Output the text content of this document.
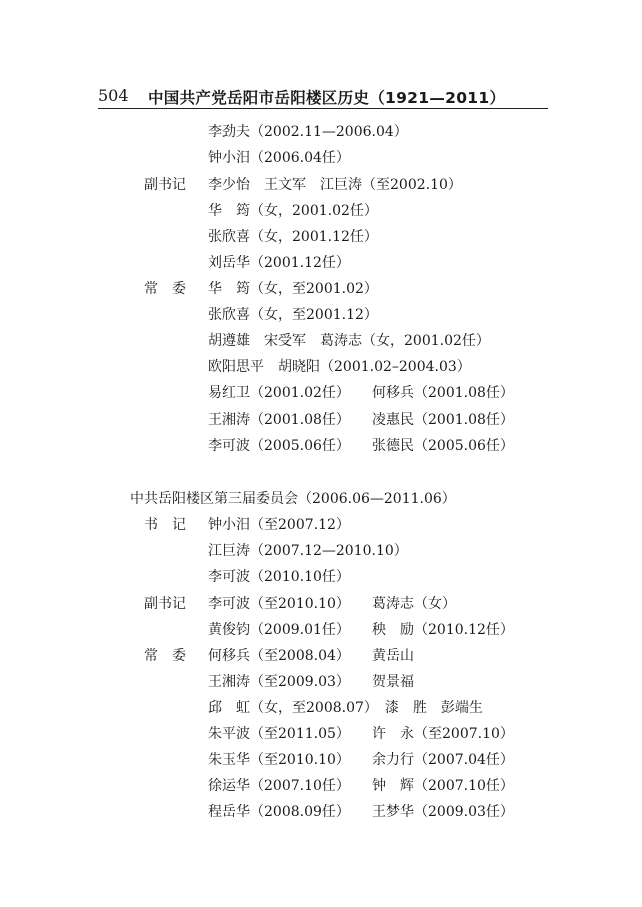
504 中国共产党岳阳市岳阳楼区历史（1921—2011）
李劲夫（2002.11—2006.04）
钟小汨（2006.04任）
副书记 李少怡　王文军　江巨涛（至2002.10）
华　筠（女，2001.02任）
张欣喜（女，2001.12任）
刘岳华（2001.12任）
常　委 华　筠（女，至2001.02）
张欣喜（女，至2001.12）
胡遵雄　宋受军　葛涛志（女，2001.02任）
欧阳思平　胡晓阳（2001.02–2004.03）
易红卫（2001.02任） 何移兵（2001.08任）
王湘涛（2001.08任） 凌惠民（2001.08任）
李可波（2005.06任） 张德民（2005.06任）
中共岳阳楼区第三届委员会（2006.06—2011.06）
书　记 钟小汨（至2007.12）
江巨涛（2007.12—2010.10）
李可波（2010.10任）
副书记 李可波（至2010.10） 葛涛志（女）
黄俊钧（2009.01任） 秧　励（2010.12任）
常　委 何移兵（至2008.04） 黄岳山
王湘涛（至2009.03） 贺景福
邱　虹（女，至2008.07）　漆　胜　彭端生
朱平波（至2011.05） 许　永（至2007.10）
朱玉华（至2010.10） 余力行（2007.04任）
徐运华（2007.10任） 钟　辉（2007.10任）
程岳华（2008.09任） 王梦华（2009.03任）
